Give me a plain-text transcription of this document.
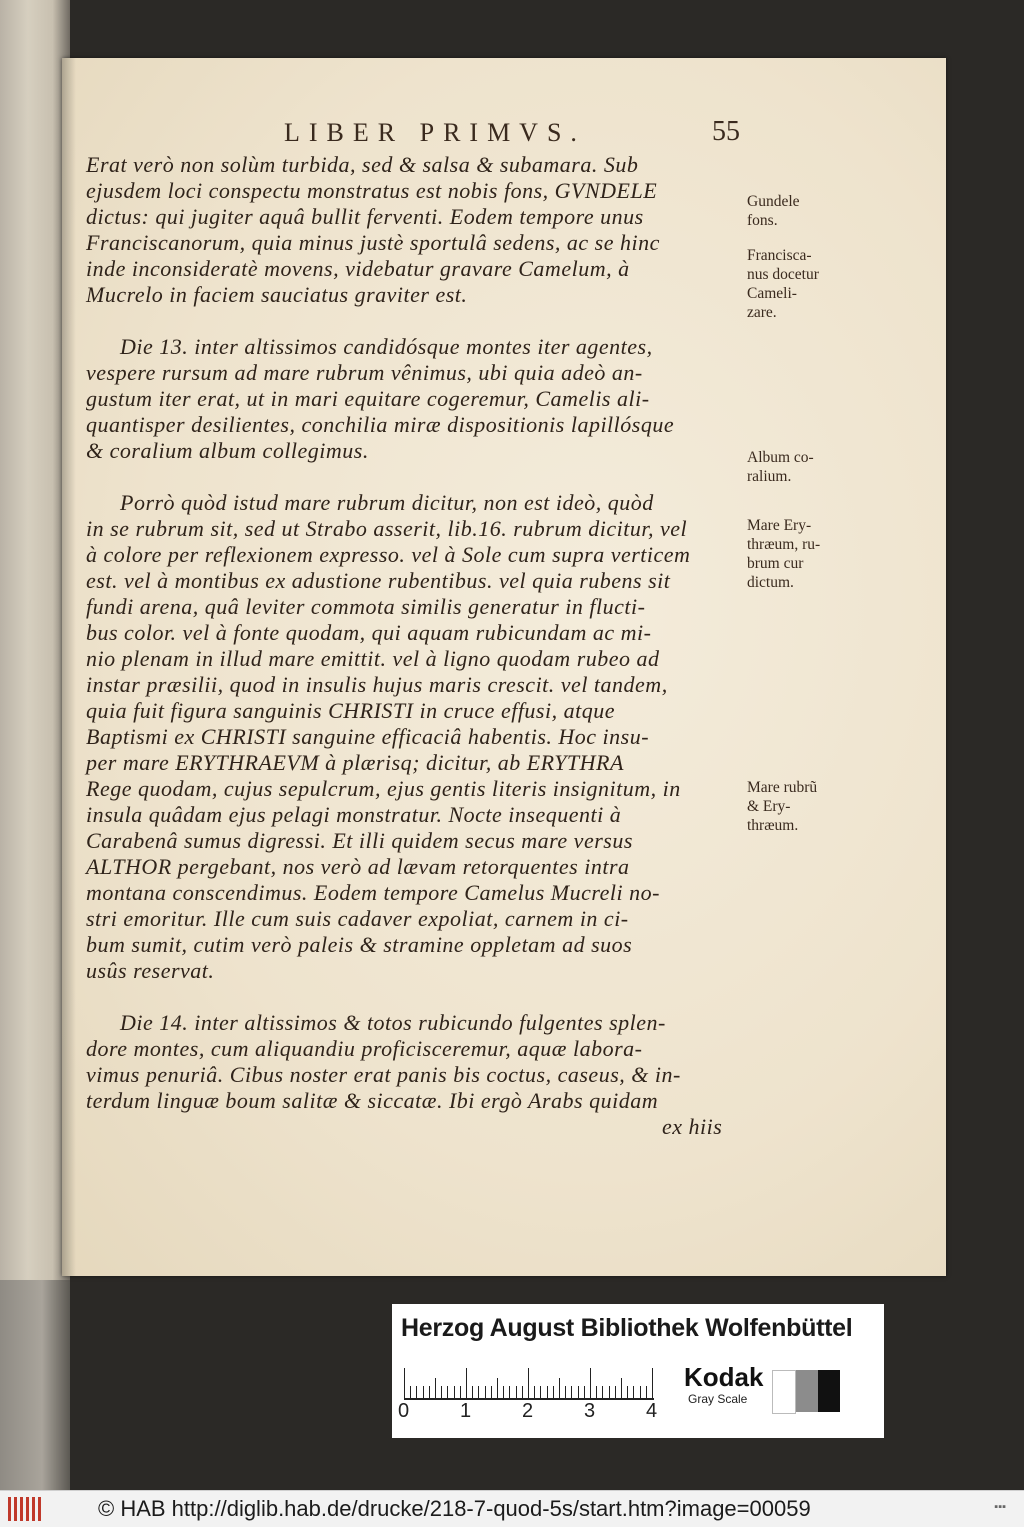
LIBER PRIMVS.	55
Erat verò non solùm turbida, sed & salsa & subamara. Sub
ejusdem loci conspectu monstratus est nobis fons, GVNDELE
dictus: qui jugiter aquâ bullit ferventi. Eodem tempore unus
Franciscanorum, quia minus justè sportulâ sedens, ac se hinc
inde inconsideratè movens, videbatur gravare Camelum, à
Mucrelo in faciem sauciatus graviter est.
Die 13. inter altissimos candidósque montes iter agentes,
vespere rursum ad mare rubrum vênimus, ubi quia adeò an-
gustum iter erat, ut in mari equitare cogeremur, Camelis ali-
quantisper desilientes, conchilia miræ dispositionis lapillósque
& coralium album collegimus.
Porrò quòd istud mare rubrum dicitur, non est ideò, quòd
in se rubrum sit, sed ut Strabo asserit, lib.16. rubrum dicitur, vel
à colore per reflexionem expresso. vel à Sole cum supra verticem
est. vel à montibus ex adustione rubentibus. vel quia rubens sit
fundi arena, quâ leviter commota similis generatur in flucti-
bus color. vel à fonte quodam, qui aquam rubicundam ac mi-
nio plenam in illud mare emittit. vel à ligno quodam rubeo ad
instar præsilii, quod in insulis hujus maris crescit. vel tandem,
quia fuit figura sanguinis CHRISTI in cruce effusi, atque
Baptismi ex CHRISTI sanguine efficaciâ habentis. Hoc insu-
per mare ERYTHRAEVM à plærisq; dicitur, ab ERYTHRA
Rege quodam, cujus sepulcrum, ejus gentis literis insignitum, in
insula quâdam ejus pelagi monstratur. Nocte insequenti à
Carabenâ sumus digressi. Et illi quidem secus mare versus
ALTHOR pergebant, nos verò ad lævam retorquentes intra
montana conscendimus. Eodem tempore Camelus Mucreli no-
stri emoritur. Ille cum suis cadaver expoliat, carnem in ci-
bum sumit, cutim verò paleis & stramine oppletam ad suos
usûs reservat.
Die 14. inter altissimos & totos rubicundo fulgentes splen-
dore montes, cum aliquandiu proficisceremur, aquæ labora-
vimus penuriâ. Cibus noster erat panis bis coctus, caseus, & in-
terdum linguæ boum salitæ & siccatæ. Ibi ergò Arabs quidam
ex hiis
Gundele
fons.
Francisca-
nus docetur
Cameli-
zare.
Album co-
ralium.
Mare Ery-
thræum, ru-
brum cur
dictum.
Mare rubrũ
& Ery-
thræum.
Herzog August Bibliothek Wolfenbüttel
0	1	2	3	4
Kodak
Gray Scale
© HAB http://diglib.hab.de/drucke/218-7-quod-5s/start.htm?image=00059	▪▪▪
